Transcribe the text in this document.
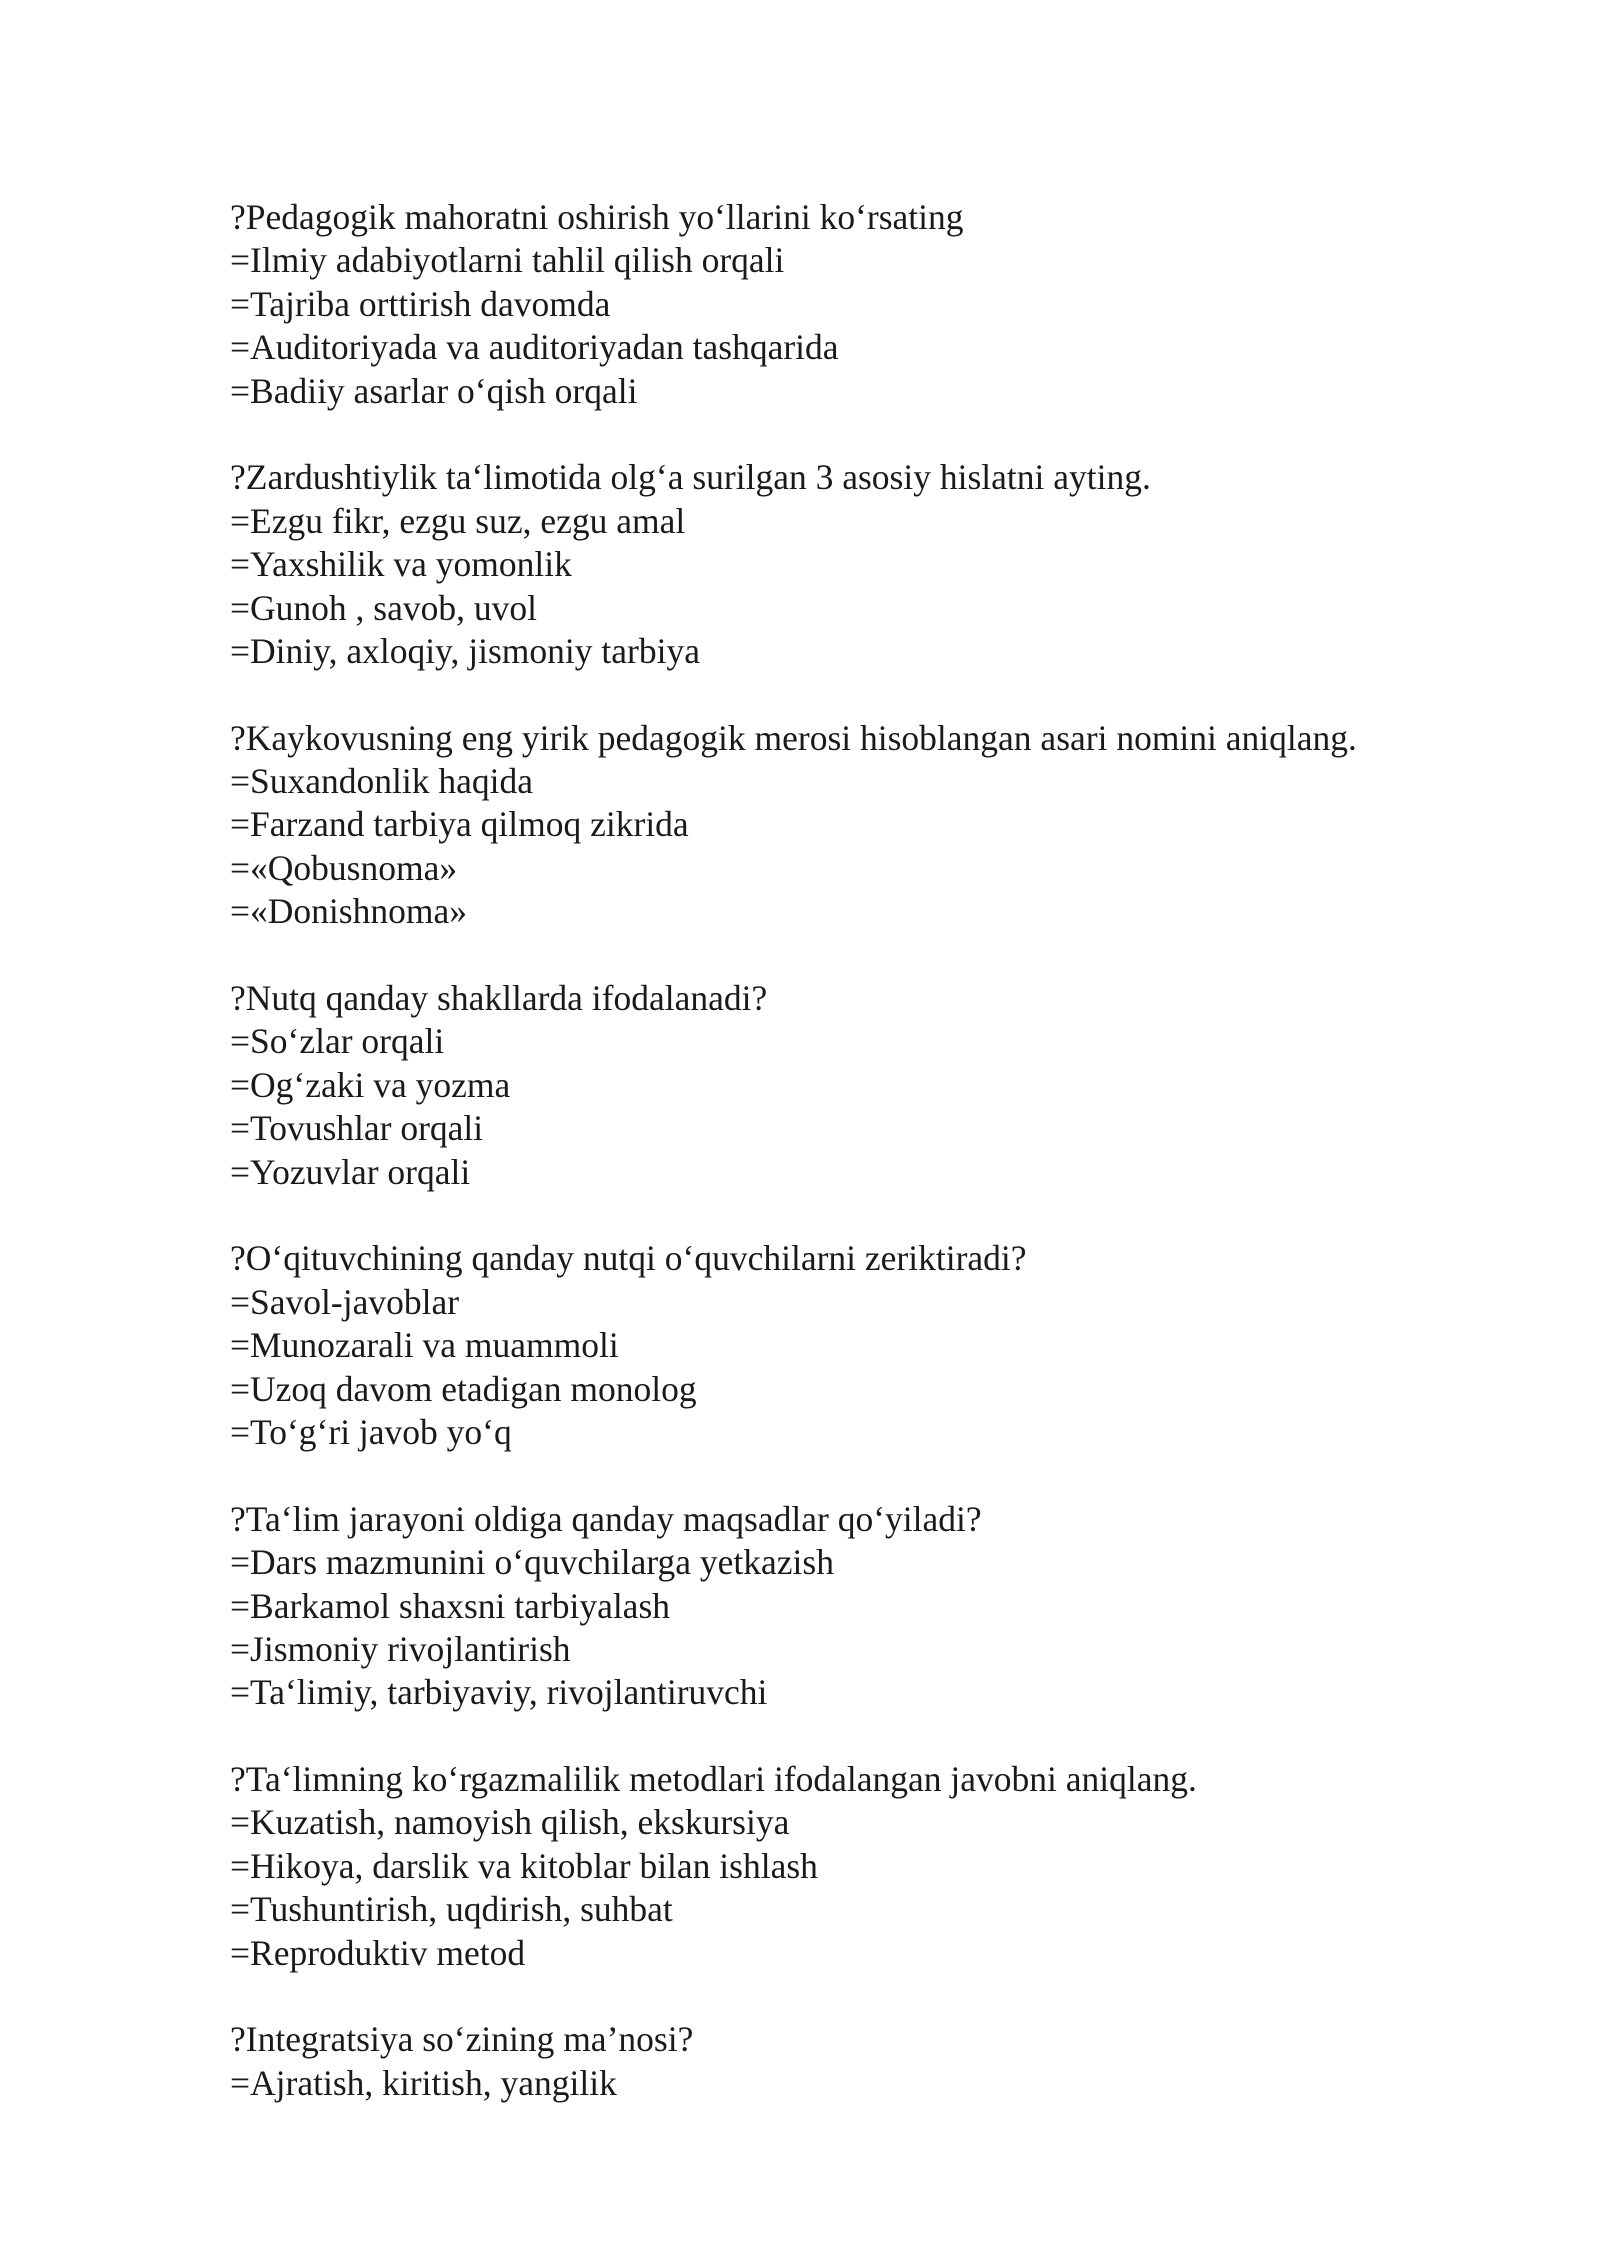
?Pedagogik mahoratni oshirish yo‘llarini ko‘rsating
=Ilmiy adabiyotlarni tahlil qilish orqali
=Tajriba orttirish davomda
=Auditoriyada va auditoriyadan tashqarida
=Badiiy asarlar o‘qish orqali
?Zardushtiylik ta‘limotida olg‘a surilgan 3 asosiy hislatni ayting.
=Ezgu fikr, ezgu suz, ezgu amal
=Yaxshilik va yomonlik
=Gunoh , savob, uvol
=Diniy, axloqiy, jismoniy tarbiya
?Kaykovusning eng yirik pedagogik merosi hisoblangan asari nomini aniqlang.
=Suxandonlik haqida
=Farzand tarbiya qilmoq zikrida
=«Qobusnoma»
=«Donishnoma»
?Nutq qanday shakllarda ifodalanadi?
=So‘zlar orqali
=Og‘zaki va yozma
=Tovushlar orqali
=Yozuvlar orqali
?O‘qituvchining qanday nutqi o‘quvchilarni zeriktiradi?
=Savol-javoblar
=Munozarali va muammoli
=Uzoq davom etadigan monolog
=To‘g‘ri javob yo‘q
?Ta‘lim jarayoni oldiga qanday maqsadlar qo‘yiladi?
=Dars mazmunini o‘quvchilarga yetkazish
=Barkamol shaxsni tarbiyalash
=Jismoniy rivojlantirish
=Ta‘limiy, tarbiyaviy, rivojlantiruvchi
?Ta‘limning ko‘rgazmalilik metodlari ifodalangan javobni aniqlang.
=Kuzatish, namoyish qilish, ekskursiya
=Hikoya, darslik va kitoblar bilan ishlash
=Tushuntirish, uqdirish, suhbat
=Reproduktiv metod
?Integratsiya so‘zining ma’nosi?
=Ajratish, kiritish, yangilik
